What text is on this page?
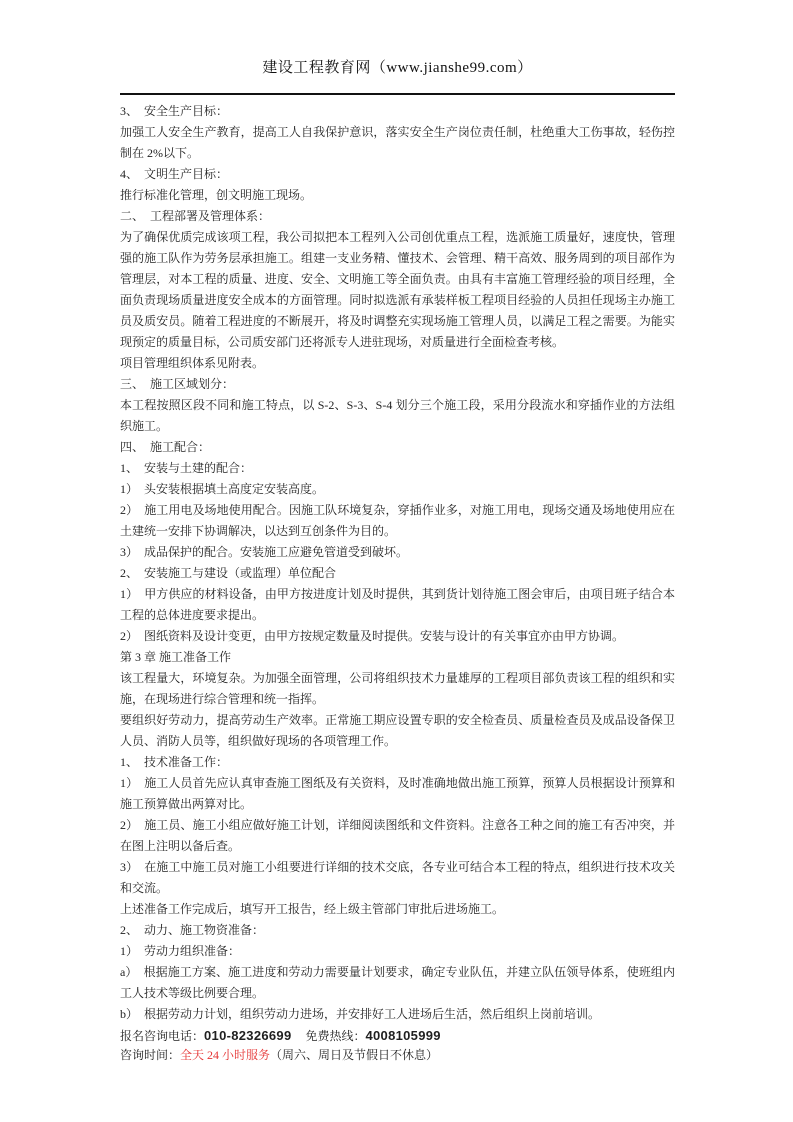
建设工程教育网（www.jianshe99.com）

3、　安全生产目标：

加强工人安全生产教育，提高工人自我保护意识，落实安全生产岗位责任制，杜绝重大工伤事故，轻伤控制在 2%以下。

4、　文明生产目标：

推行标准化管理，创文明施工现场。

二、　工程部署及管理体系：

为了确保优质完成该项工程，我公司拟把本工程列入公司创优重点工程，选派施工质量好，速度快，管理强的施工队作为劳务层承担施工。组建一支业务精、懂技术、会管理、精干高效、服务周到的项目部作为管理层，对本工程的质量、进度、安全、文明施工等全面负责。由具有丰富施工管理经验的项目经理，全面负责现场质量进度安全成本的方面管理。同时拟选派有承装样板工程项目经验的人员担任现场主办施工员及质安员。随着工程进度的不断展开，将及时调整充实现场施工管理人员，以满足工程之需要。为能实现预定的质量目标，公司质安部门还将派专人进驻现场，对质量进行全面检查考核。

项目管理组织体系见附表。

三、　施工区域划分：

本工程按照区段不同和施工特点，以 S-2、S-3、S-4 划分三个施工段，采用分段流水和穿插作业的方法组织施工。

四、　施工配合：

1、　安装与土建的配合：

1）　头安装根据填土高度定安装高度。

2）　施工用电及场地使用配合。因施工队环境复杂，穿插作业多，对施工用电，现场交通及场地使用应在土建统一安排下协调解决，以达到互创条件为目的。

3）　成品保护的配合。安装施工应避免管道受到破坏。

2、　安装施工与建设（或监理）单位配合

1）　甲方供应的材料设备，由甲方按进度计划及时提供，其到货计划待施工图会审后，由项目班子结合本工程的总体进度要求提出。

2）　图纸资料及设计变更，由甲方按规定数量及时提供。安装与设计的有关事宜亦由甲方协调。

第 3 章 施工准备工作

该工程量大，环境复杂。为加强全面管理，公司将组织技术力量雄厚的工程项目部负责该工程的组织和实施，在现场进行综合管理和统一指挥。

要组织好劳动力，提高劳动生产效率。正常施工期应设置专职的安全检查员、质量检查员及成品设备保卫人员、消防人员等，组织做好现场的各项管理工作。

1、　技术准备工作：

1）　施工人员首先应认真审查施工图纸及有关资料，及时准确地做出施工预算，预算人员根据设计预算和施工预算做出两算对比。

2）　施工员、施工小组应做好施工计划，详细阅读图纸和文件资料。注意各工种之间的施工有否冲突，并在图上注明以备后查。

3）　在施工中施工员对施工小组要进行详细的技术交底，各专业可结合本工程的特点，组织进行技术攻关和交流。

上述准备工作完成后，填写开工报告，经上级主管部门审批后进场施工。

2、　动力、施工物资准备：

1）　劳动力组织准备：

a）　根据施工方案、施工进度和劳动力需要量计划要求，确定专业队伍，并建立队伍领导体系，使班组内工人技术等级比例要合理。

b）　根据劳动力计划，组织劳动力进场，并安排好工人进场后生活，然后组织上岗前培训。

报名咨询电话：010-82326699 免费热线：4008105999

咨询时间：全天 24 小时服务（周六、周日及节假日不休息）
